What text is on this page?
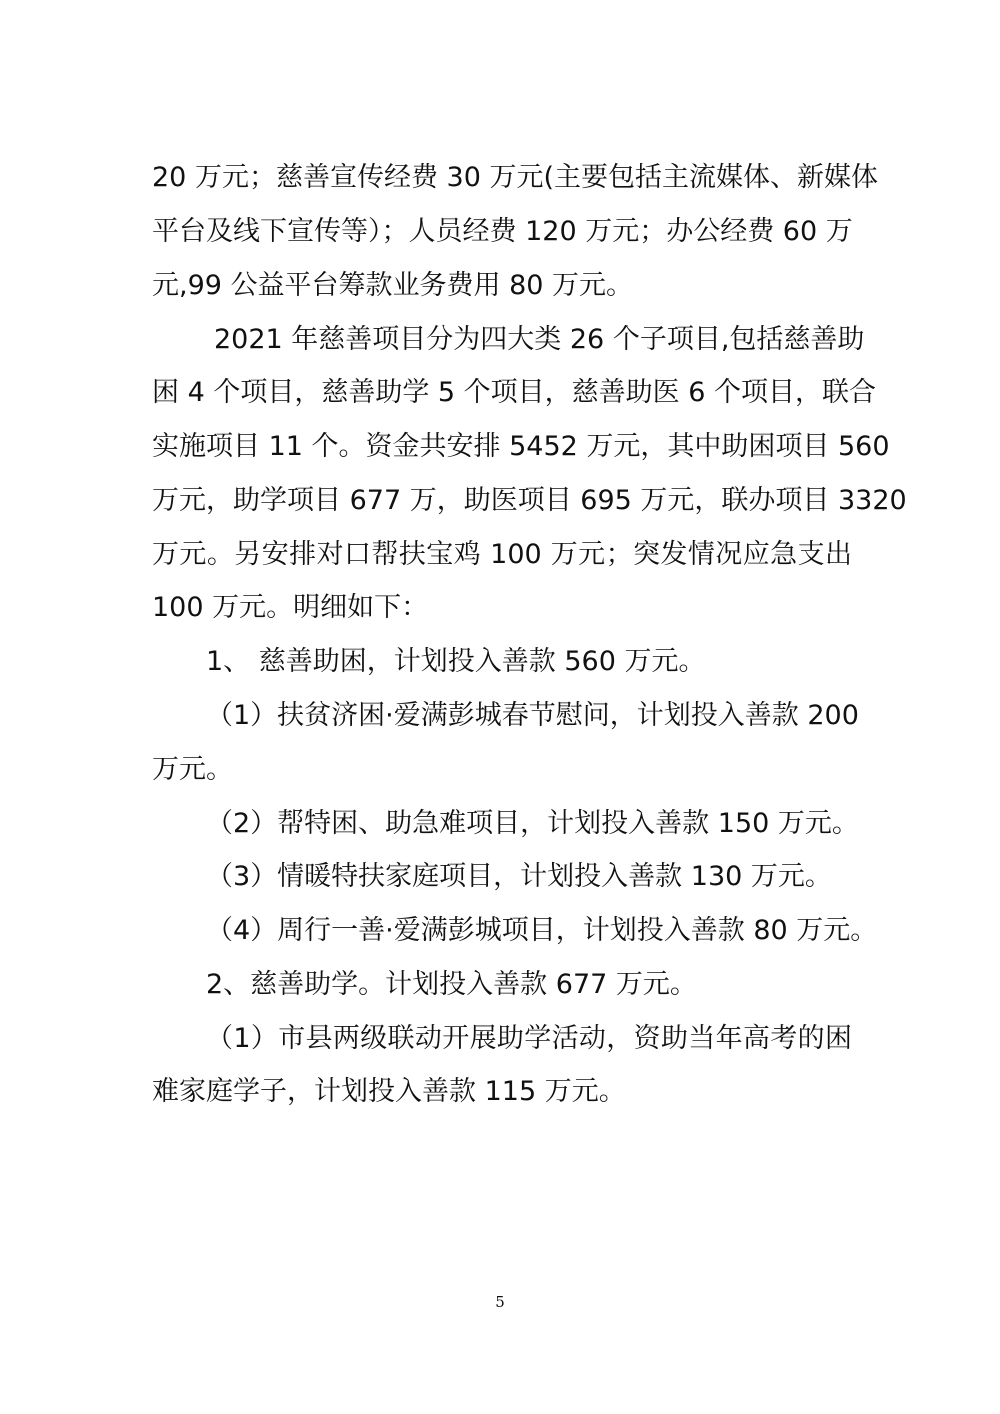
20 万元；慈善宣传经费 30 万元(主要包括主流媒体、新媒体
平台及线下宣传等）；人员经费 120 万元；办公经费 60 万
元,99 公益平台筹款业务费用 80 万元。
2021 年慈善项目分为四大类 26 个子项目,包括慈善助
困 4 个项目，慈善助学 5 个项目，慈善助医 6 个项目，联合
实施项目 11 个。资金共安排 5452 万元，其中助困项目 560
万元，助学项目 677 万，助医项目 695 万元，联办项目 3320
万元。另安排对口帮扶宝鸡 100 万元；突发情况应急支出
100 万元。明细如下：
1、 慈善助困，计划投入善款 560 万元。
（1）扶贫济困·爱满彭城春节慰问，计划投入善款 200
万元。
（2）帮特困、助急难项目，计划投入善款 150 万元。
（3）情暖特扶家庭项目，计划投入善款 130 万元。
（4）周行一善·爱满彭城项目，计划投入善款 80 万元。
2、慈善助学。计划投入善款 677 万元。
（1）市县两级联动开展助学活动，资助当年高考的困
难家庭学子，计划投入善款 115 万元。
5
